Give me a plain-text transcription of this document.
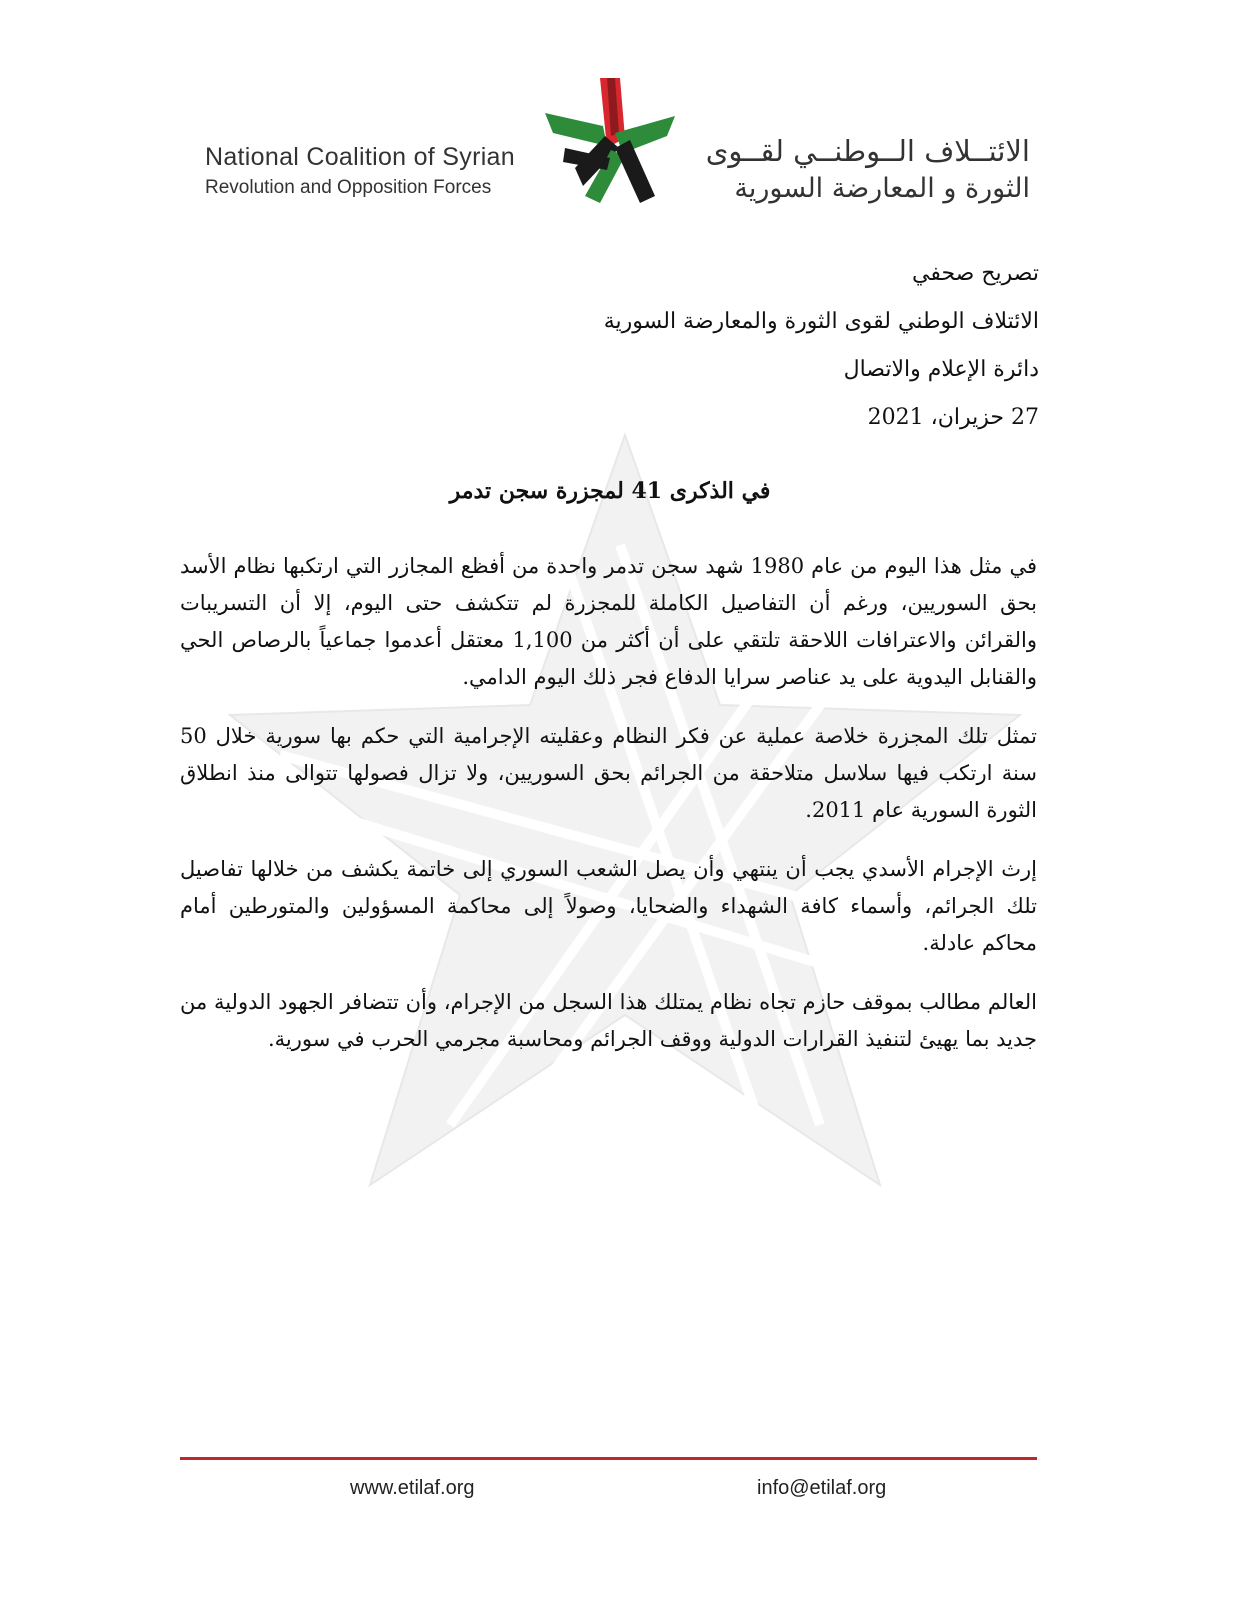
National Coalition of Syrian
Revolution and Opposition Forces
الائتــلاف الــوطنــي لقــوى
الثورة و المعارضة السورية
تصريح صحفي
الائتلاف الوطني لقوى الثورة والمعارضة السورية
دائرة الإعلام والاتصال
27 حزيران، 2021
في الذكرى 41 لمجزرة سجن تدمر

في مثل هذا اليوم من عام 1980 شهد سجن تدمر واحدة من أفظع المجازر التي ارتكبها نظام الأسد بحق السوريين، ورغم أن التفاصيل الكاملة للمجزرة لم تتكشف حتى اليوم، إلا أن التسريبات والقرائن والاعترافات اللاحقة تلتقي على أن أكثر من 1,100 معتقل أعدموا جماعياً بالرصاص الحي والقنابل اليدوية على يد عناصر سرايا الدفاع فجر ذلك اليوم الدامي.

تمثل تلك المجزرة خلاصة عملية عن فكر النظام وعقليته الإجرامية التي حكم بها سورية خلال 50 سنة ارتكب فيها سلاسل متلاحقة من الجرائم بحق السوريين، ولا تزال فصولها تتوالى منذ انطلاق الثورة السورية عام 2011.

إرث الإجرام الأسدي يجب أن ينتهي وأن يصل الشعب السوري إلى خاتمة يكشف من خلالها تفاصيل تلك الجرائم، وأسماء كافة الشهداء والضحايا، وصولاً إلى محاكمة المسؤولين والمتورطين أمام محاكم عادلة.

العالم مطالب بموقف حازم تجاه نظام يمتلك هذا السجل من الإجرام، وأن تتضافر الجهود الدولية من جديد بما يهيئ لتنفيذ القرارات الدولية ووقف الجرائم ومحاسبة مجرمي الحرب في سورية.

www.etilaf.org	info@etilaf.org
